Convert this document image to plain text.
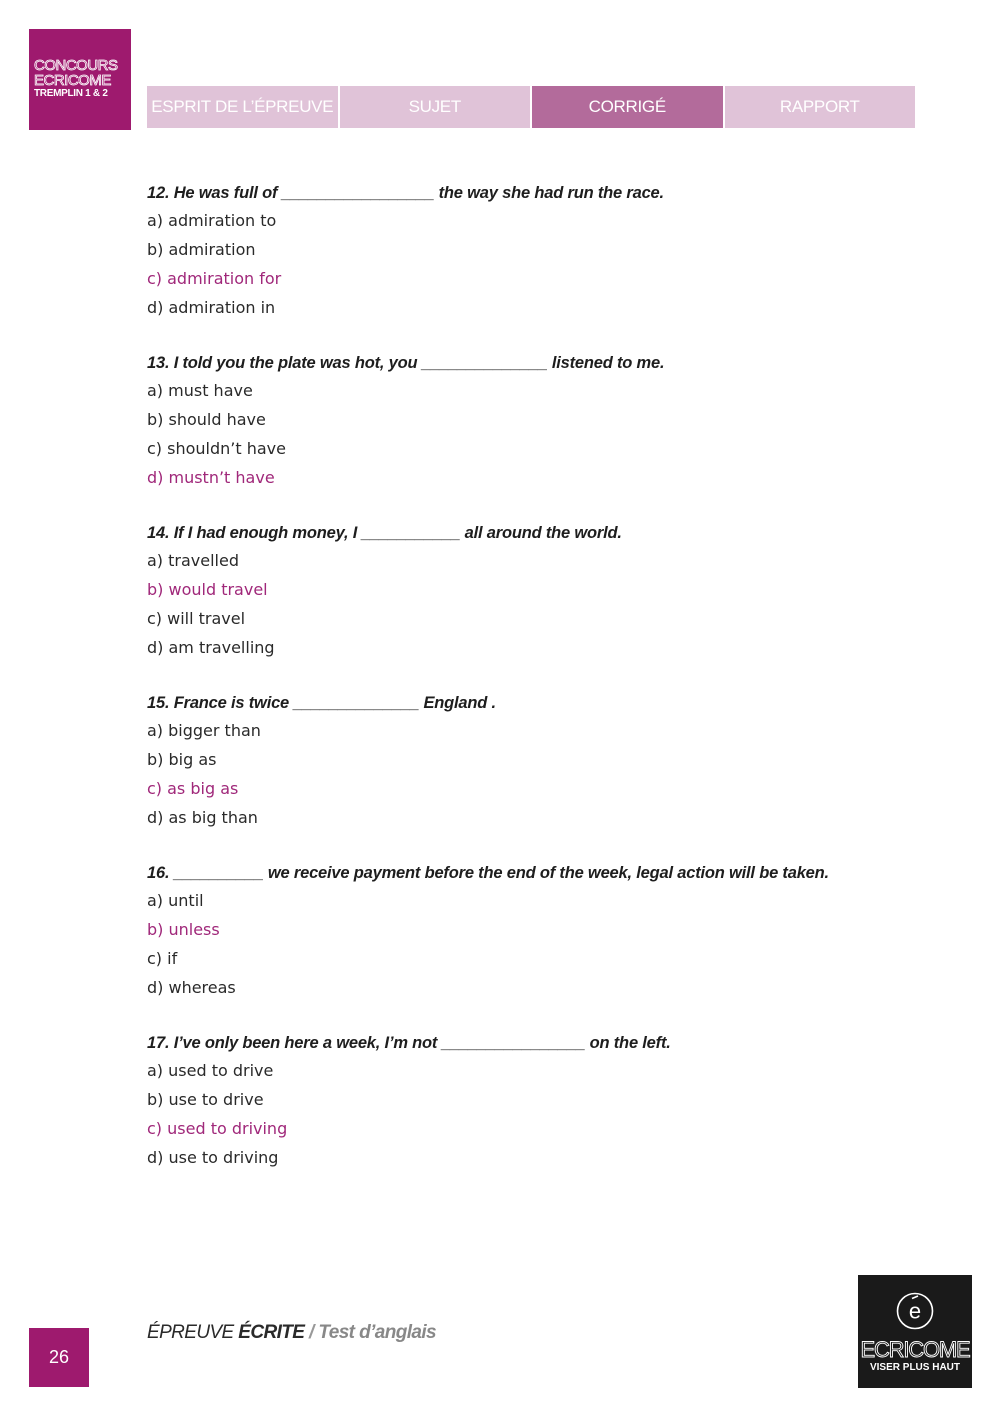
CONCOURS
ECRICOME
TREMPLIN 1 & 2
ESPRIT DE L’ÉPREUVE	SUJET	CORRIGÉ	RAPPORT
12. He was full of _________________ the way she had run the race.
a) admiration to
b) admiration
c) admiration for
d) admiration in
13. I told you the plate was hot, you ______________ listened to me.
a) must have
b) should have
c) shouldn’t have
d) mustn’t have
14. If I had enough money, I ___________ all around the world.
a) travelled
b) would travel
c) will travel
d) am travelling
15. France is twice ______________ England .
a) bigger than
b) big as
c) as big as
d) as big than
16. __________ we receive payment before the end of the week, legal action will be taken.
a) until
b) unless
c) if
d) whereas
17. I’ve only been here a week, I’m not ________________ on the left.
a) used to drive
b) use to drive
c) used to driving
d) use to driving
ÉPREUVE ÉCRITE / Test d’anglais
26
e
ECRICOME
VISER PLUS HAUT
